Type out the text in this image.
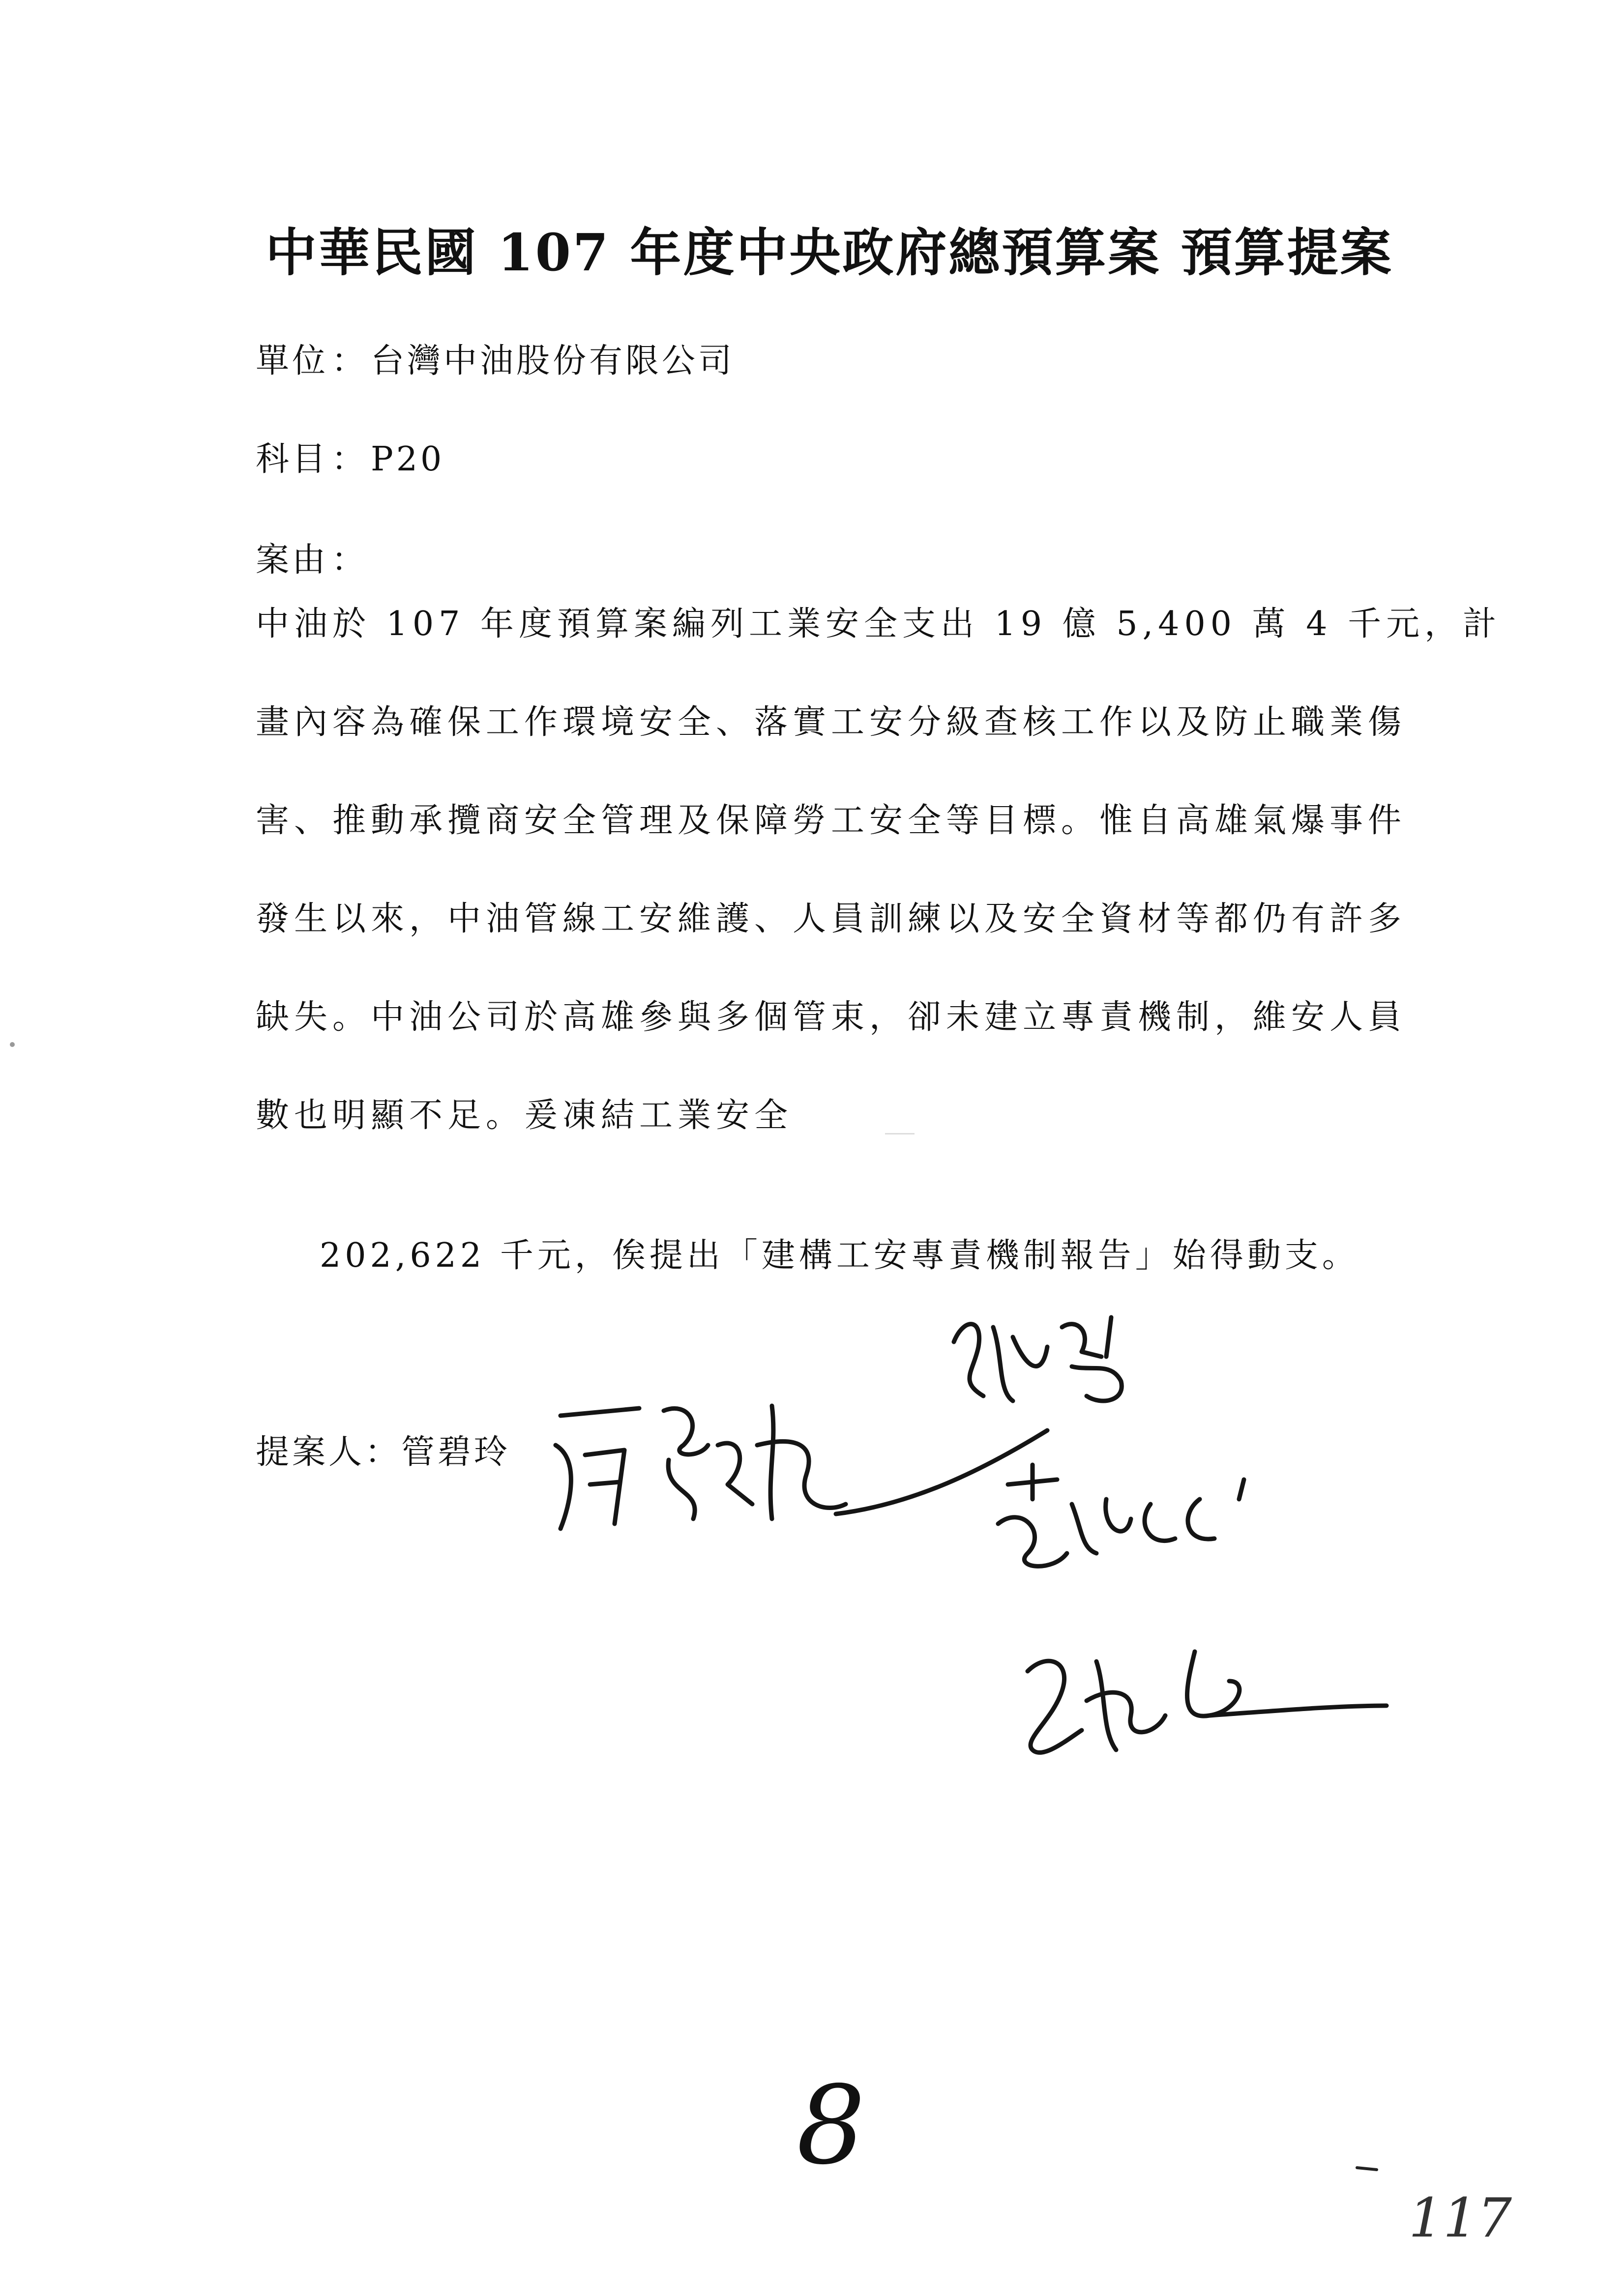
中華民國 107 年度中央政府總預算案 預算提案
單位：台灣中油股份有限公司
科目：P20
案由：
中油於 107 年度預算案編列工業安全支出 19 億 5,400 萬 4 千元，計
畫內容為確保工作環境安全、落實工安分級查核工作以及防止職業傷
害、推動承攬商安全管理及保障勞工安全等目標。惟自高雄氣爆事件
發生以來，中油管線工安維護、人員訓練以及安全資材等都仍有許多
缺失。中油公司於高雄參與多個管束，卻未建立專責機制，維安人員
數也明顯不足。爰凍結工業安全
202,622 千元，俟提出「建構工安專責機制報告」始得動支。
提案人：管碧玲
8
117
